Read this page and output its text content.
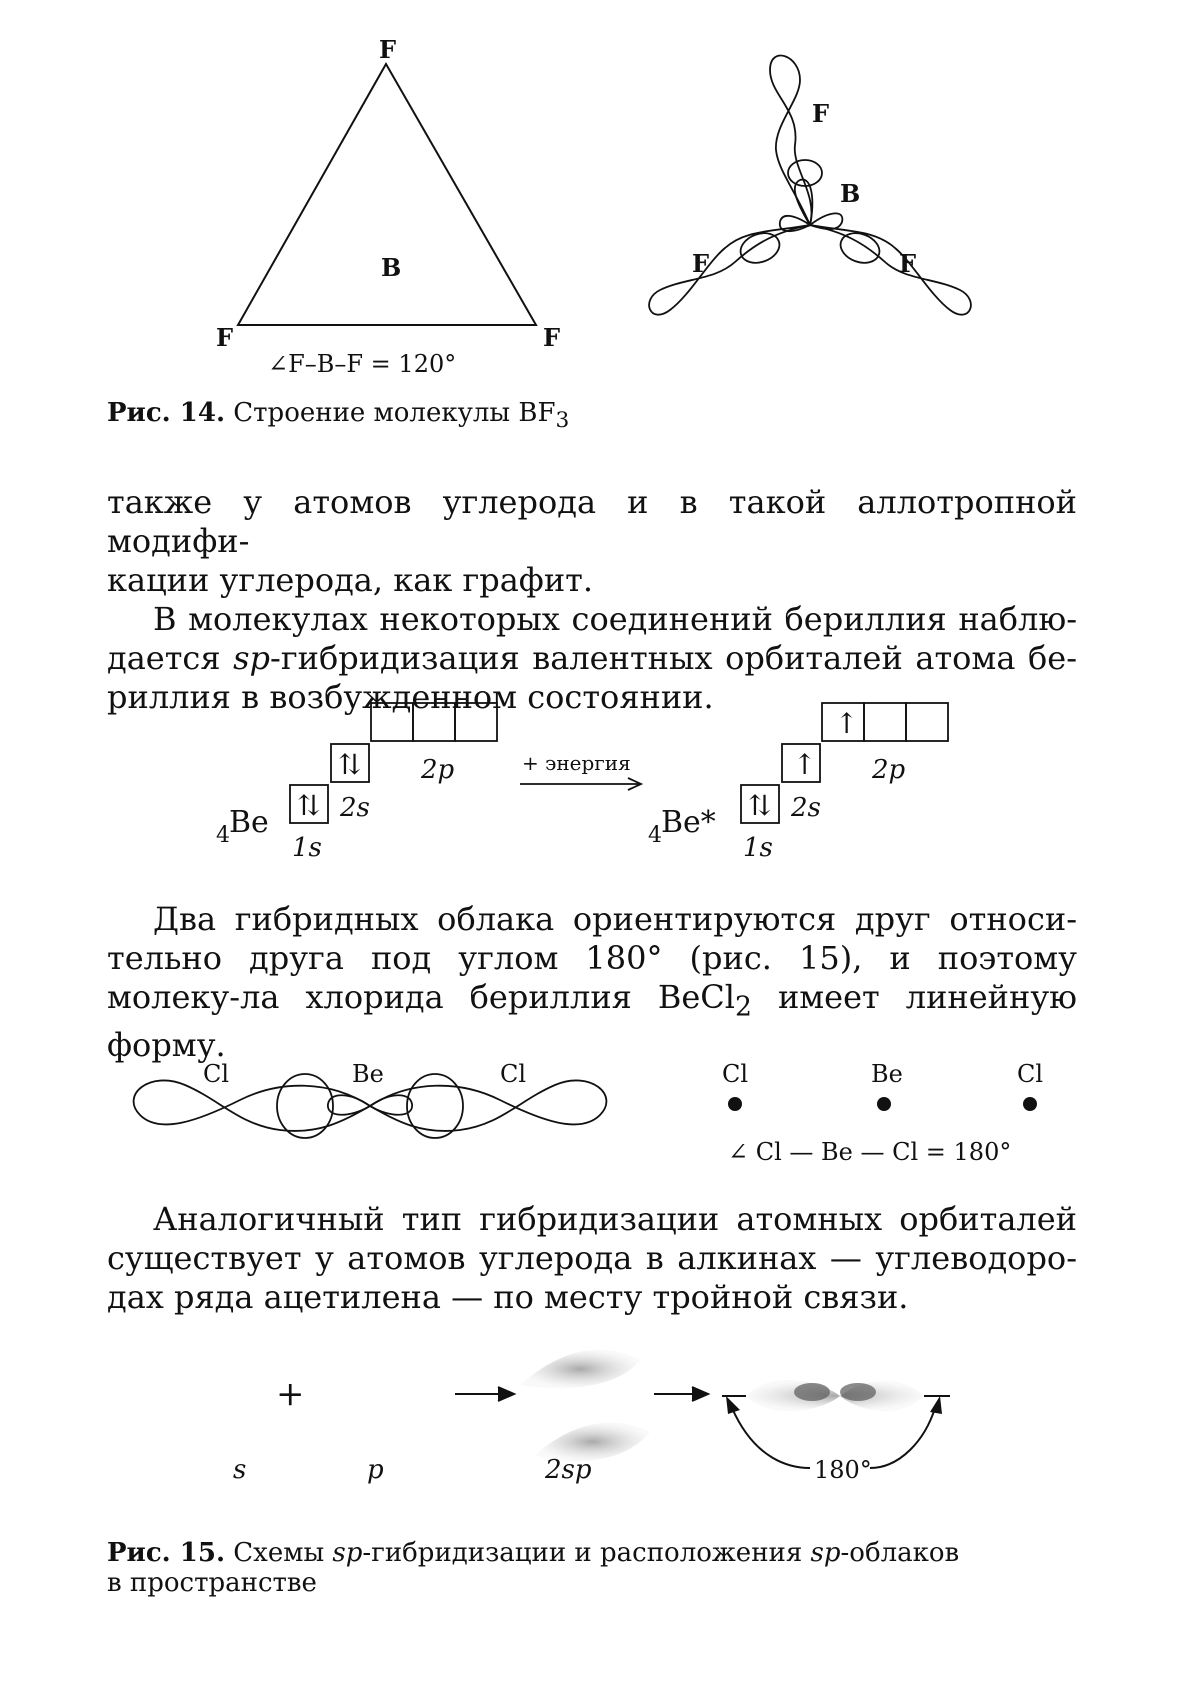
F
B
F	F
∠F–B–F = 120°
F
B
F	F
Рис. 14. Строение молекулы $BF_3$

также у атомов углерода и в такой аллотропной модифи-

кации углерода, как графит.

В молекулах некоторых соединений бериллия наблю-дается sp-гибридизация валентных орбиталей атома бе-риллия в возбужденном состоянии.

⇅
⇅
⇅
↑
↑
1s
2s
2p
1s
2s
2p
+ энергия
4 Be	4 Be*

Два гибридных облака ориентируются друг относи-тельно друга под углом 180° (рис. 15), и поэтому молеку-ла хлорида бериллия BeCl$_2$ имеет линейную форму.

Cl	Be	Cl	Cl	Be	Cl
∠ Cl — Be — Cl = 180°

Аналогичный тип гибридизации атомных орбиталей существует у атомов углерода в алкинах — углеводоро-дах ряда ацетилена — по месту тройной связи.

+
180°
s	p	2sp
Рис. 15. Схемы sp-гибридизации и расположения sp-облаков
в пространстве
